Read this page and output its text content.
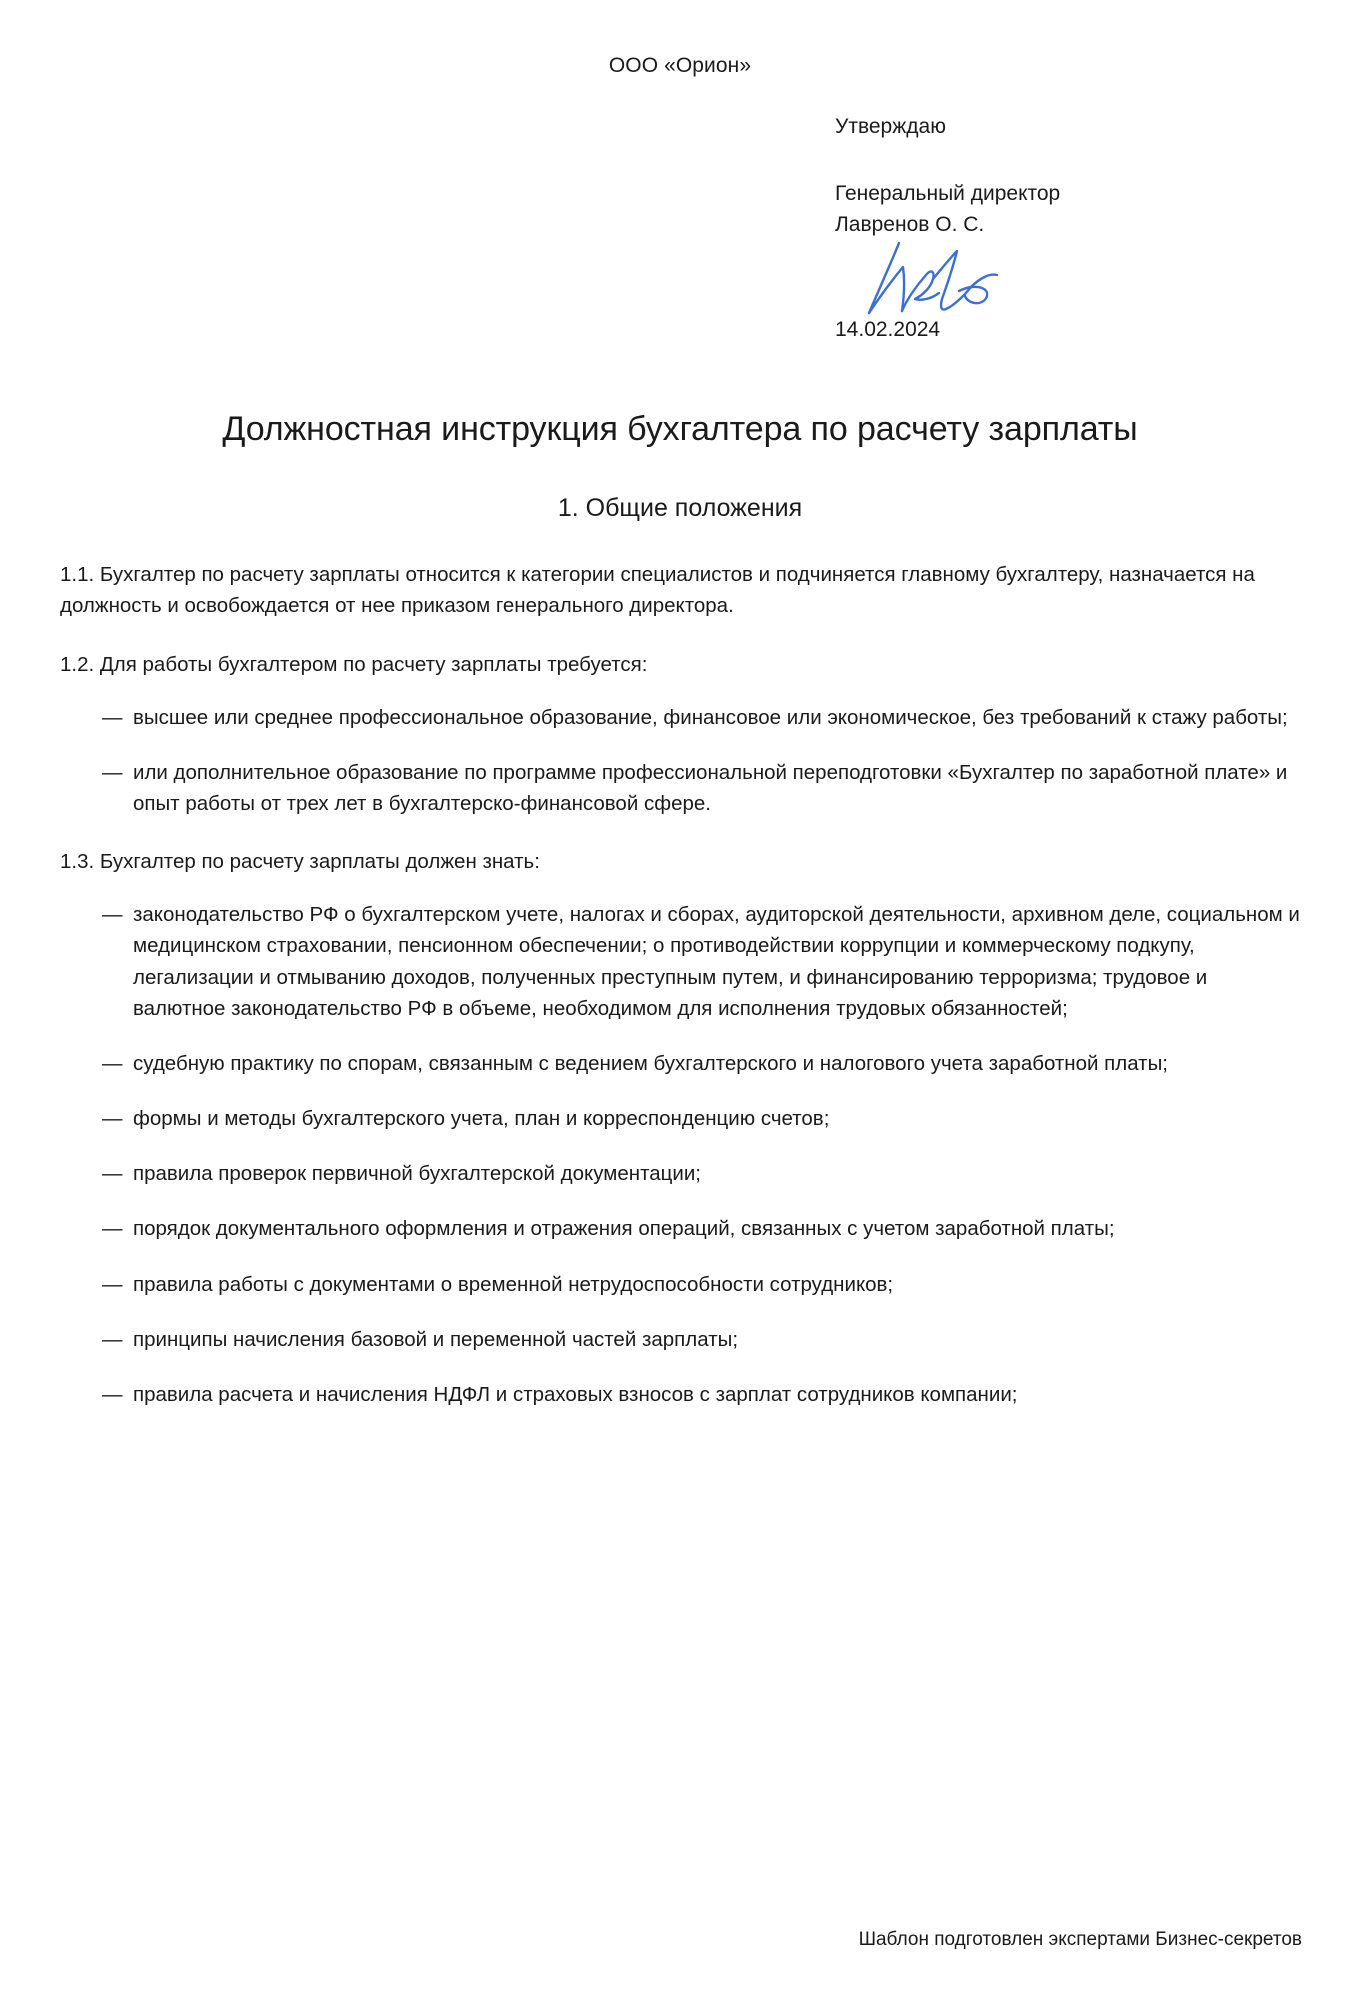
ООО «Орион»
Утверждаю
Генеральный директор
Лавренов О. С.
14.02.2024
Должностная инструкция бухгалтера по расчету зарплаты
1. Общие положения

1.1. Бухгалтер по расчету зарплаты относится к категории специалистов и подчиняется главному бухгалтеру, назначается на должность и освобождается от нее приказом генерального директора.

1.2. Для работы бухгалтером по расчету зарплаты требуется:

— высшее или среднее профессиональное образование, финансовое или экономическое, без требований к стажу работы;
— или дополнительное образование по программе профессиональной переподготовки «Бухгалтер по заработной плате» и опыт работы от трех лет в бухгалтерско-финансовой сфере.

1.3. Бухгалтер по расчету зарплаты должен знать:

— законодательство РФ о бухгалтерском учете, налогах и сборах, аудиторской деятельности, архивном деле, социальном и медицинском страховании, пенсионном обеспечении; о противодействии коррупции и коммерческому подкупу, легализации и отмыванию доходов, полученных преступным путем, и финансированию терроризма; трудовое и валютное законодательство РФ в объеме, необходимом для исполнения трудовых обязанностей;
— судебную практику по спорам, связанным с ведением бухгалтерского и налогового учета заработной платы;
— формы и методы бухгалтерского учета, план и корреспонденцию счетов;
— правила проверок первичной бухгалтерской документации;
— порядок документального оформления и отражения операций, связанных с учетом заработной платы;
— правила работы с документами о временной нетрудоспособности сотрудников;
— принципы начисления базовой и переменной частей зарплаты;
— правила расчета и начисления НДФЛ и страховых взносов с зарплат сотрудников компании;
Шаблон подготовлен экспертами Бизнес-секретов
